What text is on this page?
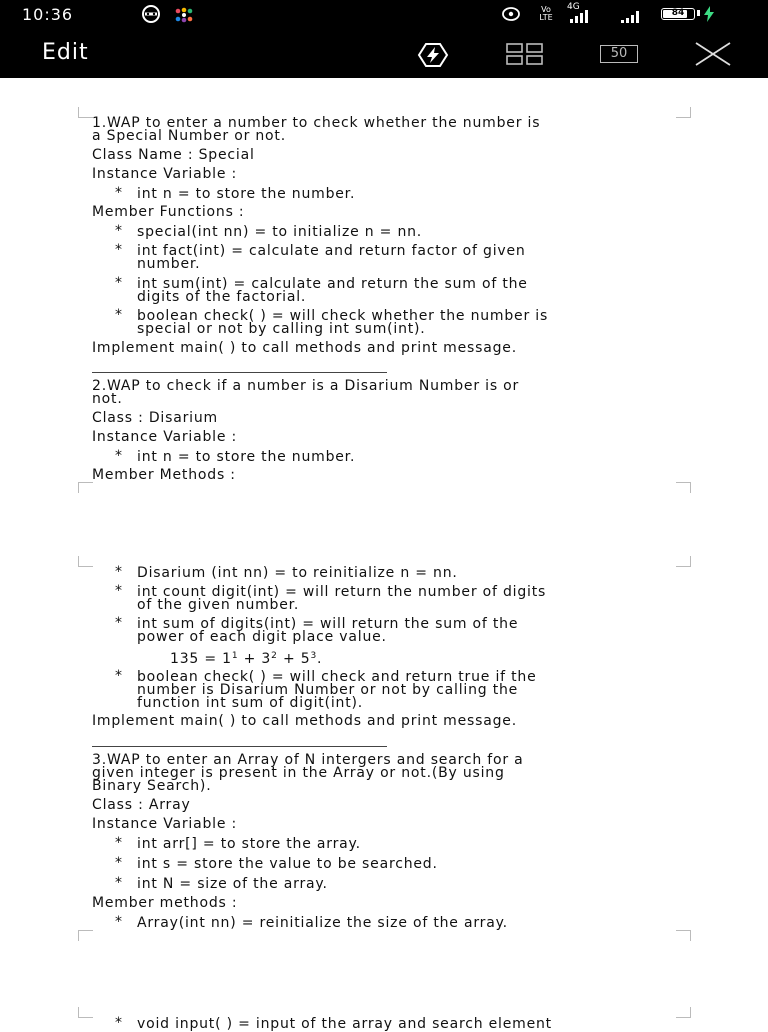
10:36	Vo LTE
4G
84
Edit	50

1.WAP to enter a number to check whether the number is

a Special Number or not.

Class Name : Special

Instance Variable :

* int n = to store the number.

Member Functions :

* special(int nn) = to initialize n = nn.

* int fact(int) = calculate and return factor of given

number.

* int sum(int) = calculate and return the sum of the

digits of the factorial.

* boolean check( ) = will check whether the number is

special or not by calling int sum(int).

Implement main( ) to call methods and print message.

2.WAP to check if a number is a Disarium Number is or

not.

Class : Disarium

Instance Variable :

* int n = to store the number.

Member Methods :

* Disarium (int nn) = to reinitialize n = nn.

* int count digit(int) = will return the number of digits

of the given number.

* int sum of digits(int) = will return the sum of the

power of each digit place value.

$135 = 1^1 + 3^2 + 5^3$.

* boolean check( ) = will check and return true if the

number is Disarium Number or not by calling the

function int sum of digit(int).

Implement main( ) to call methods and print message.

3.WAP to enter an Array of N intergers and search for a

given integer is present in the Array or not.(By using

Binary Search).

Class : Array

Instance Variable :

* int arr[] = to store the array.

* int s = store the value to be searched.

* int N = size of the array.

Member methods :

* Array(int nn) = reinitialize the size of the array.

* void input( ) = input of the array and search element
